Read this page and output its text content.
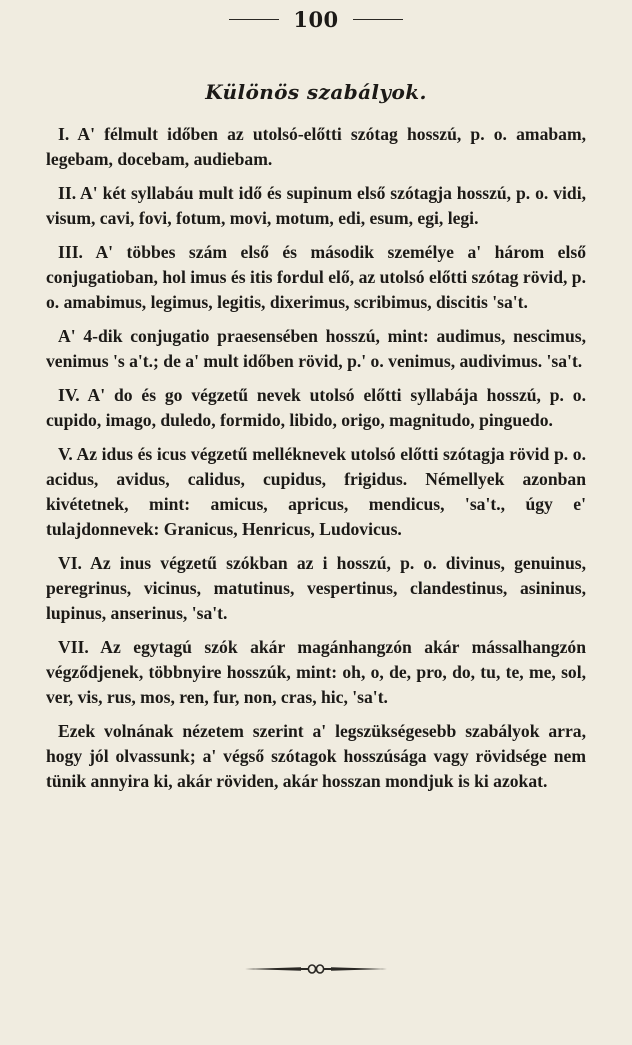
100
Különös szabályok.

I. A' félmult időben az utolsó-előtti szótag hosszú, p. o. amabam, legebam, docebam, audiebam.

II. A' két syllabáu mult idő és supinum első szótagja hosszú, p. o. vidi, visum, cavi, fovi, fotum, movi, motum, edi, esum, egi, legi.

III. A' többes szám első és második személye a' három első conjugatioban, hol imus és itis fordul elő, az utolsó előtti szótag rövid, p. o. amabimus, legimus, legitis, dixerimus, scribimus, discitis 'sa't.

A' 4-dik conjugatio praesensében hosszú, mint: audimus, nescimus, venimus 's a't.; de a' mult időben rövid, p.' o. venimus, audivimus. 'sa't.

IV. A' do és go végzetű nevek utolsó előtti syllabája hosszú, p. o. cupido, imago, duledo, formido, libido, origo, magnitudo, pinguedo.

V. Az idus és icus végzetű melléknevek utolsó előtti szótagja rövid p. o. acidus, avidus, calidus, cupidus, frigidus. Némellyek azonban kivétetnek, mint: amicus, apricus, mendicus, 'sa't., úgy e' tulajdonnevek: Granicus, Henricus, Ludovicus.

VI. Az inus végzetű szókban az i hosszú, p. o. divinus, genuinus, peregrinus, vicinus, matutinus, vespertinus, clandestinus, asininus, lupinus, anserinus, 'sa't.

VII. Az egytagú szók akár magánhangzón akár mássalhangzón végződjenek, többnyire hosszúk, mint: oh, o, de, pro, do, tu, te, me, sol, ver, vis, rus, mos, ren, fur, non, cras, hic, 'sa't.

Ezek volnának nézetem szerint a' legszükségesebb szabályok arra, hogy jól olvassunk; a' végső szótagok hosszúsága vagy rövidsége nem tünik annyira ki, akár röviden, akár hosszan mondjuk is ki azokat.
